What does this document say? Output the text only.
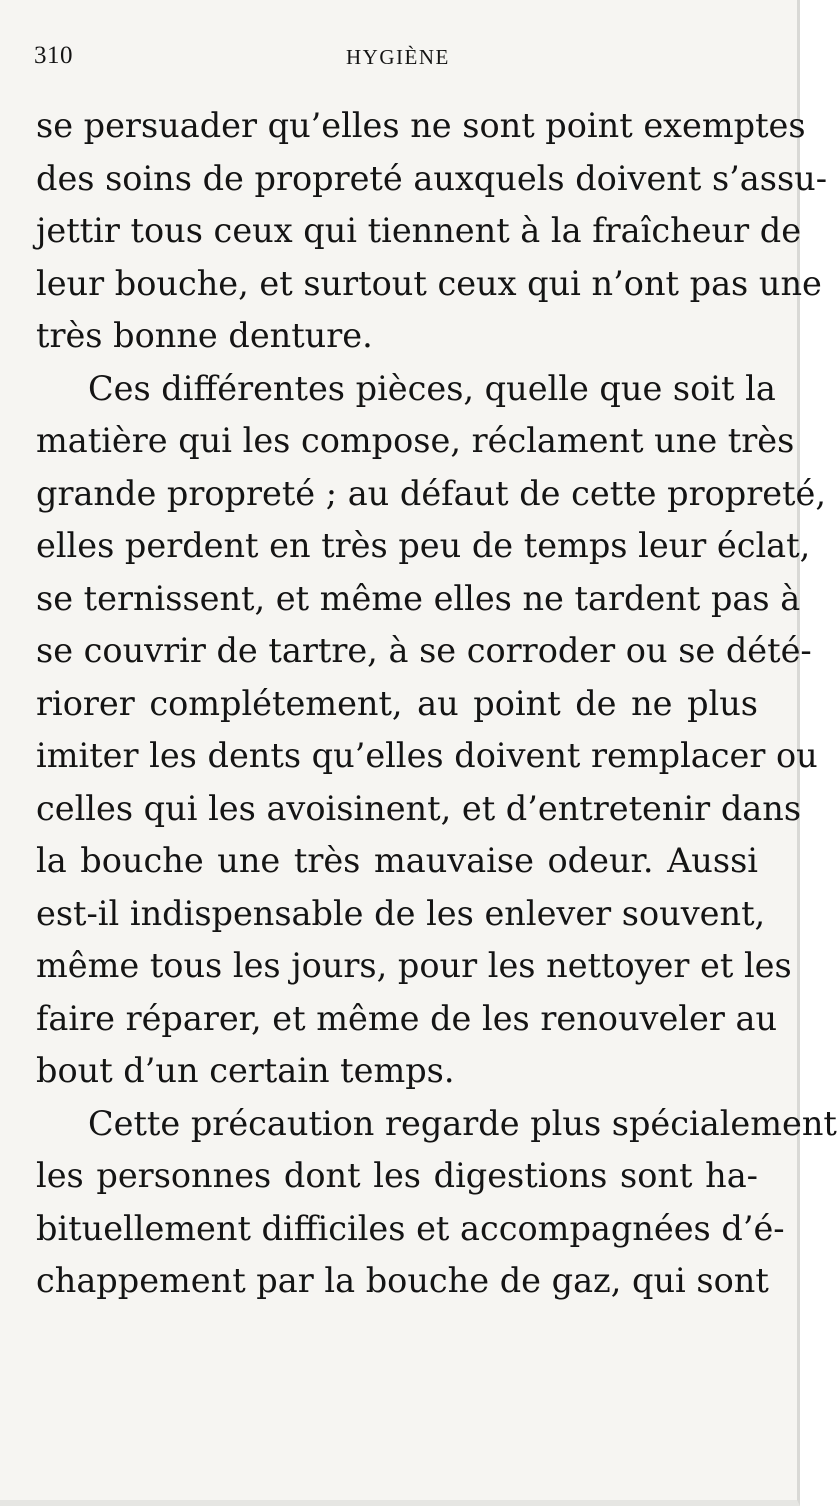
310	HYGIÈNE
se persuader qu’elles ne sont point exemptes
des soins de propreté auxquels doivent s’assu-
jettir tous ceux qui tiennent à la fraîcheur de
leur bouche, et surtout ceux qui n’ont pas une
très bonne denture.
Ces différentes pièces, quelle que soit la
matière qui les compose, réclament une très
grande propreté ; au défaut de cette propreté,
elles perdent en très peu de temps leur éclat,
se ternissent, et même elles ne tardent pas à
se couvrir de tartre, à se corroder ou se dété-
riorer complétement, au point de ne plus
imiter les dents qu’elles doivent remplacer ou
celles qui les avoisinent, et d’entretenir dans
la bouche une très mauvaise odeur. Aussi
est-il indispensable de les enlever souvent,
même tous les jours, pour les nettoyer et les
faire réparer, et même de les renouveler au
bout d’un certain temps.
Cette précaution regarde plus spécialement
les personnes dont les digestions sont ha-
bituellement difficiles et accompagnées d’é-
chappement par la bouche de gaz, qui sont
